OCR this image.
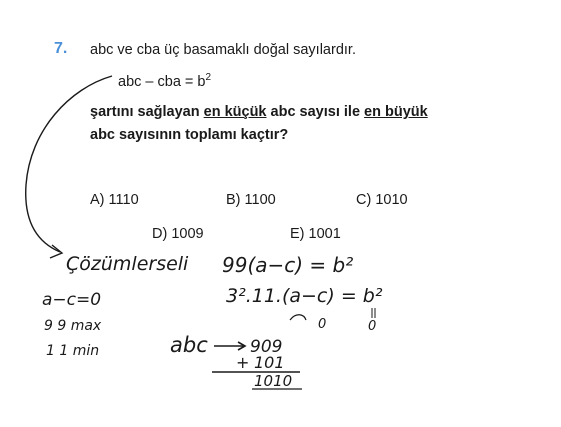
7. abc ve cba üç basamaklı doğal sayılardır.
abc – cba = $b^2$
şartını sağlayan en küçük abc sayısı ile en büyük
abc sayısının toplamı kaçtır?
A) 1110	B) 1100	C) 1010
D) 1009	E) 1001
Çözümlerseli 99(a−c) = b²
3².11.(a−c) = b²
0	0
a−c=0
9 9 max
1 1 min	abc 909
+ 101
1010
